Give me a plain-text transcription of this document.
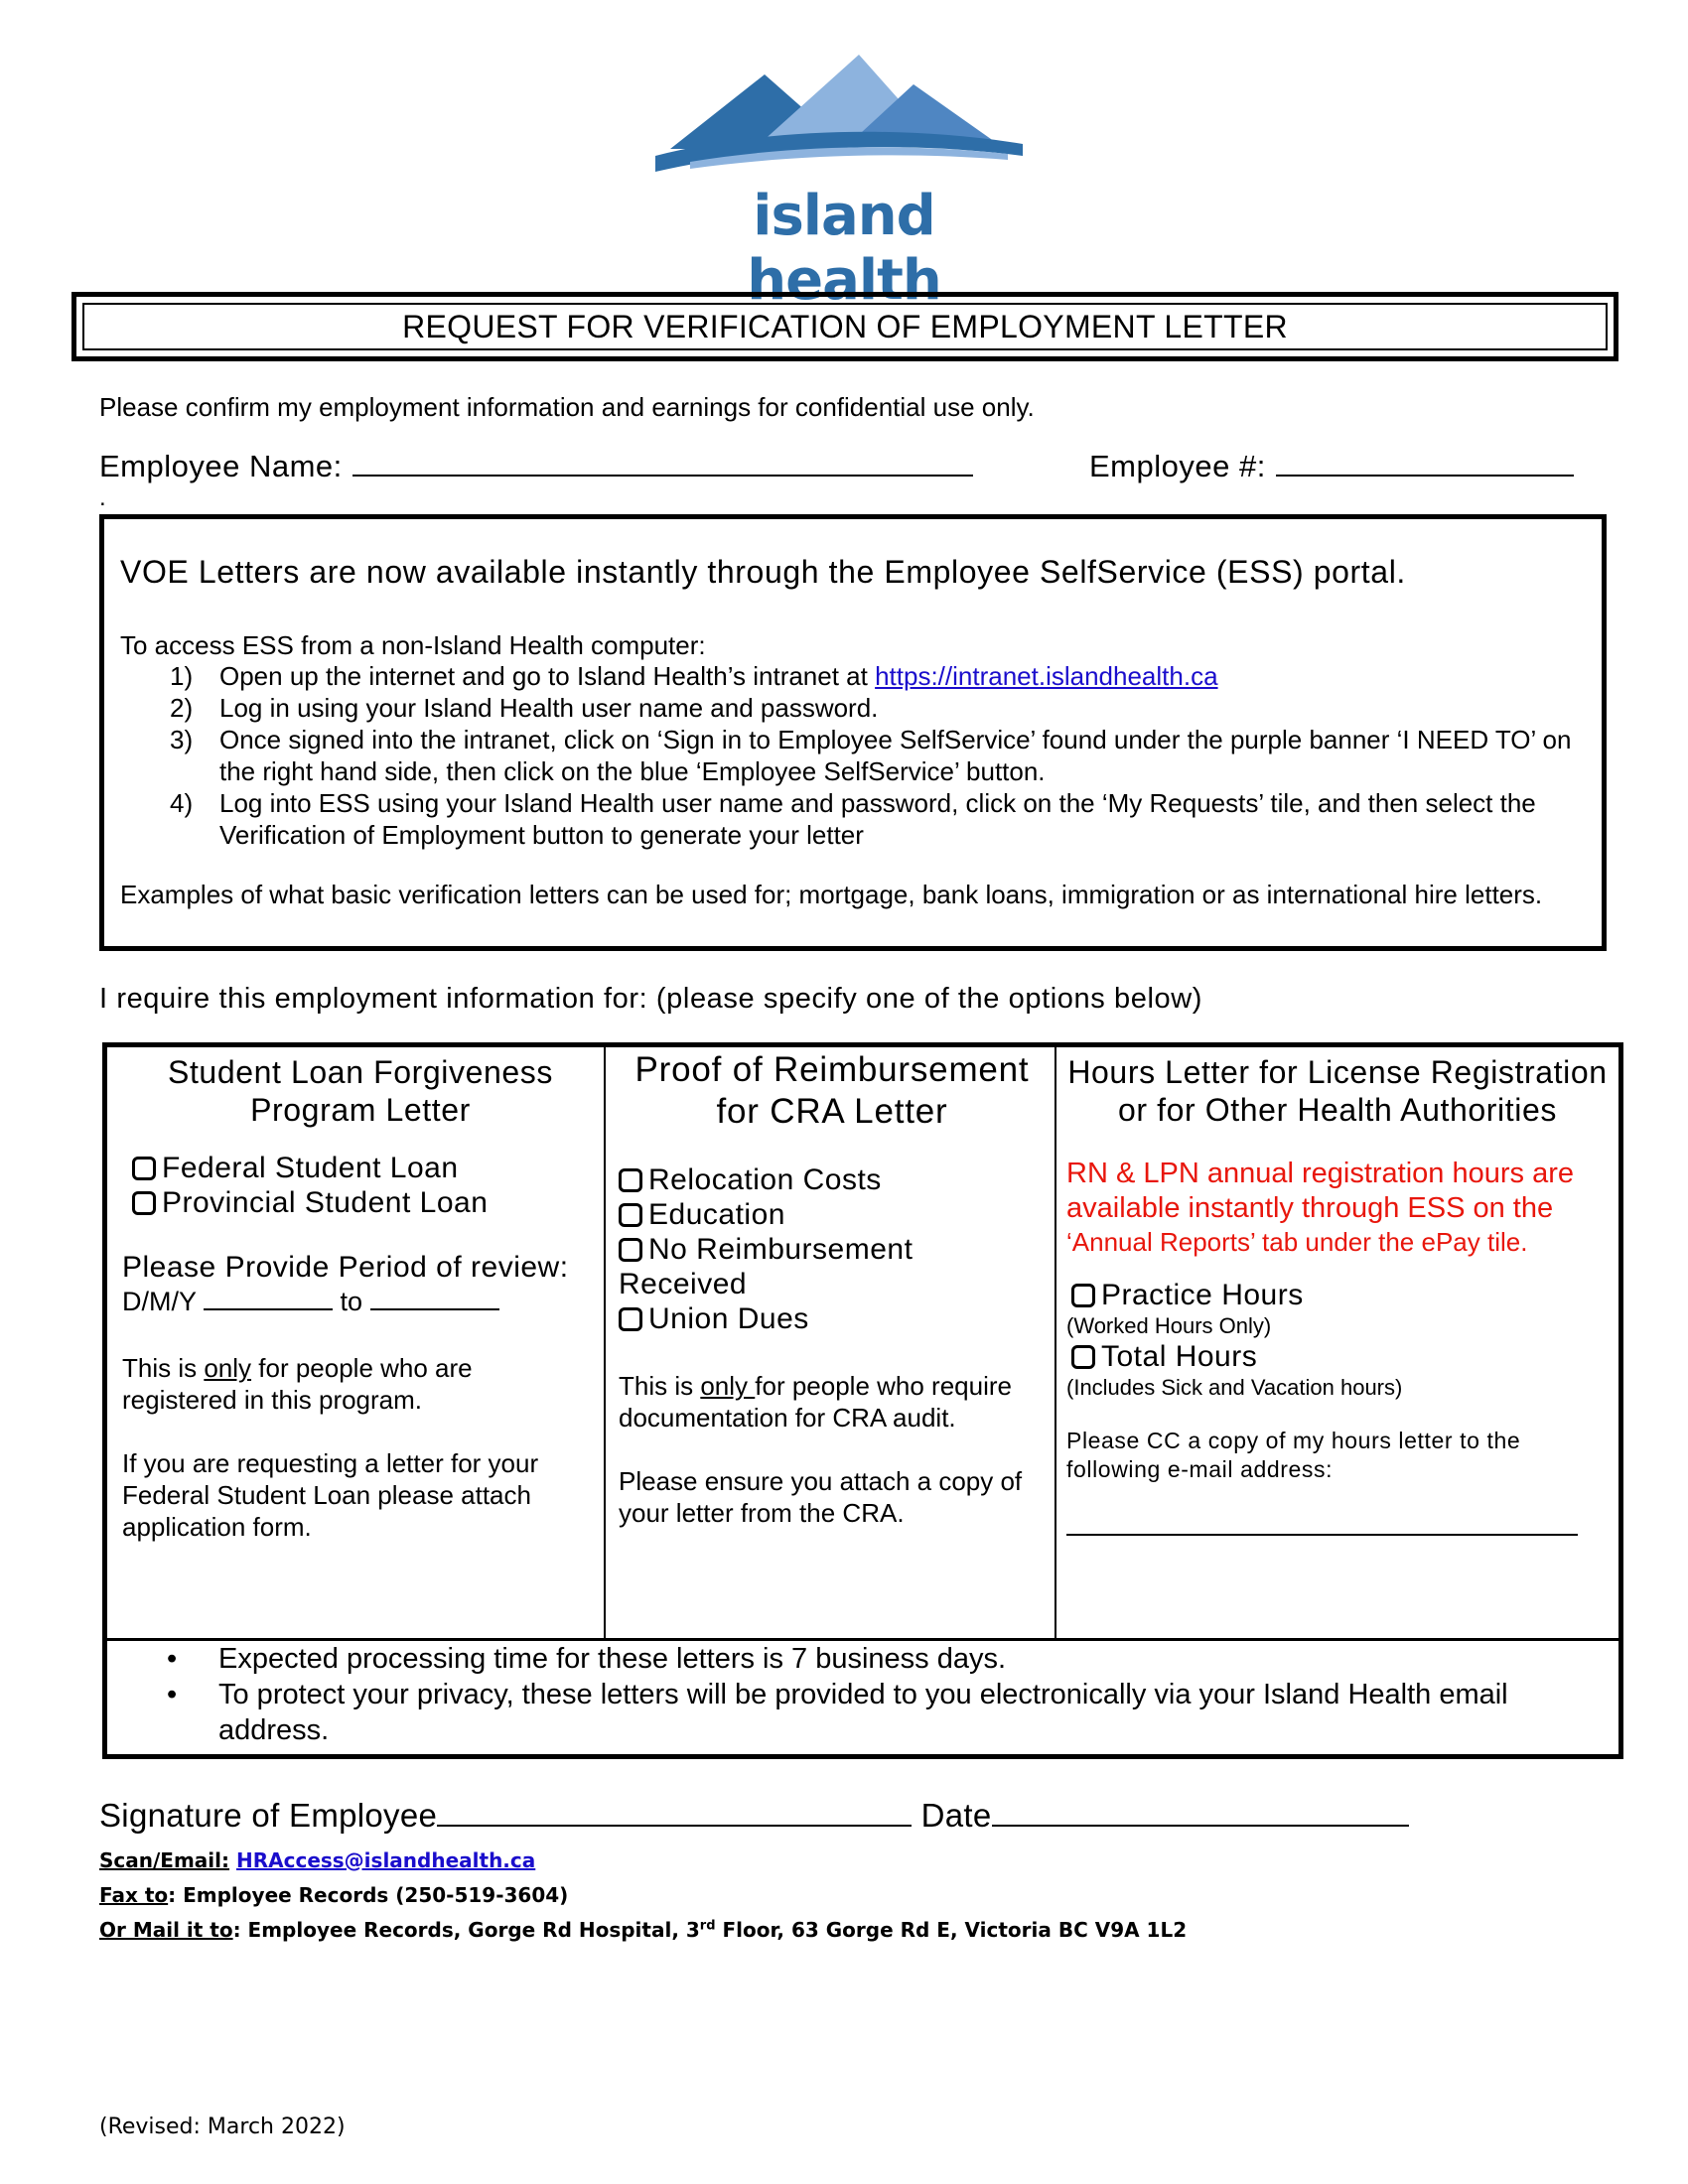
island health
REQUEST FOR VERIFICATION OF EMPLOYMENT LETTER
Please confirm my employment information and earnings for confidential use only.
Employee Name:	Employee #:
.
VOE Letters are now available instantly through the Employee SelfService (ESS) portal.
To access ESS from a non-Island Health computer:
1) Open up the internet and go to Island Health’s intranet at https://intranet.islandhealth.ca
2) Log in using your Island Health user name and password.
3) Once signed into the intranet, click on ‘Sign in to Employee SelfService’ found under the purple banner ‘I NEED TO’ on the right hand side, then click on the blue ‘Employee SelfService’ button.
4) Log into ESS using your Island Health user name and password, click on the ‘My Requests’ tile, and then select the Verification of Employment button to generate your letter
Examples of what basic verification letters can be used for; mortgage, bank loans, immigration or as international hire letters.
I require this employment information for: (please specify one of the options below)
Student Loan Forgiveness Program Letter
Federal Student Loan
Provincial Student Loan
Please Provide Period of review:
D/M/Y	to
This is only for people who are registered in this program.
If you are requesting a letter for your Federal Student Loan please attach application form.
Proof of Reimbursement for CRA Letter
Relocation Costs
Education
No Reimbursement Received
Union Dues
This is only for people who require documentation for CRA audit.
Please ensure you attach a copy of your letter from the CRA.
Hours Letter for License Registration or for Other Health Authorities
RN & LPN annual registration hours are available instantly through ESS on the
‘Annual Reports’ tab under the ePay tile.
Practice Hours
(Worked Hours Only)
Total Hours
(Includes Sick and Vacation hours)
Please CC a copy of my hours letter to the following e-mail address:
• Expected processing time for these letters is 7 business days.
• To protect your privacy, these letters will be provided to you electronically via your Island Health email address.
Signature of Employee	Date
Scan/Email: HRAccess@islandhealth.ca
Fax to: Employee Records (250-519-3604)
Or Mail it to: Employee Records, Gorge Rd Hospital, 3rd Floor, 63 Gorge Rd E, Victoria BC V9A 1L2
(Revised: March 2022)
